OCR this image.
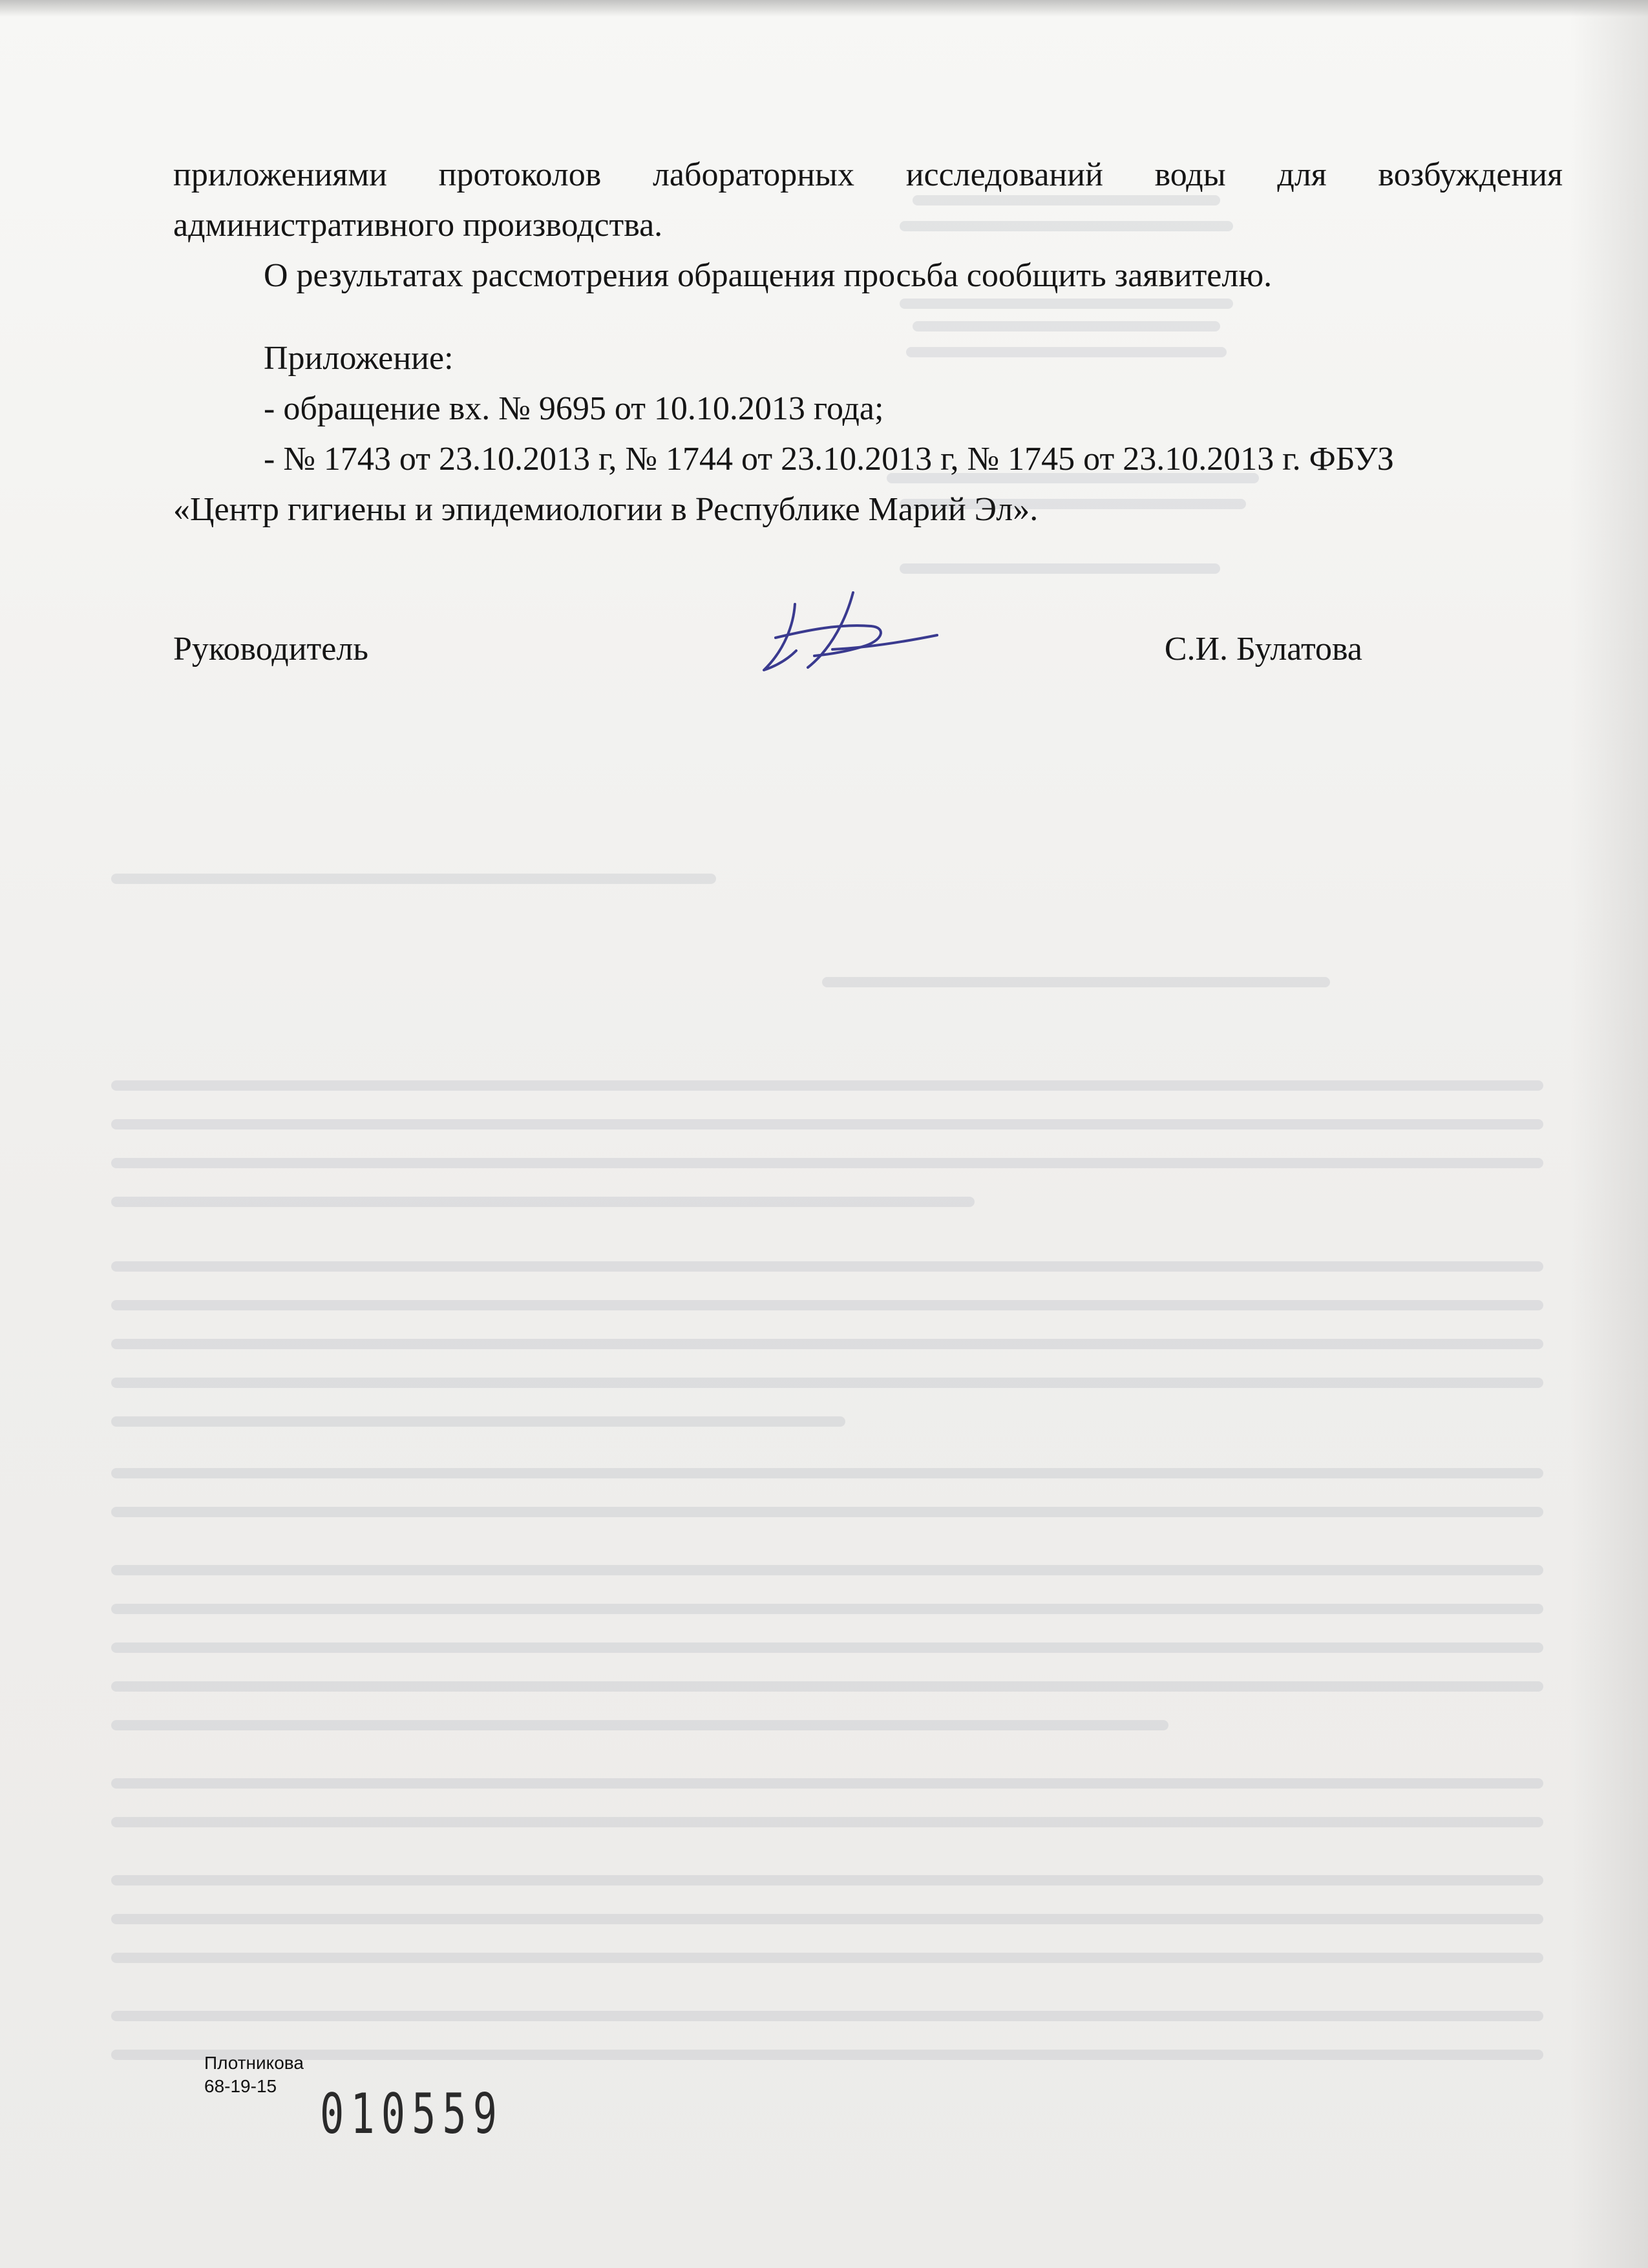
приложениями протоколов лабораторных исследований воды для возбуждения
административного производства.
О результатах рассмотрения обращения просьба сообщить заявителю.
Приложение:
- обращение вх. № 9695 от 10.10.2013 года;
- № 1743 от 23.10.2013 г, № 1744 от 23.10.2013 г, № 1745 от 23.10.2013 г. ФБУЗ
«Центр гигиены и эпидемиологии в Республике Марий Эл».
Руководитель	С.И. Булатова
Плотникова
68-19-15 010559
